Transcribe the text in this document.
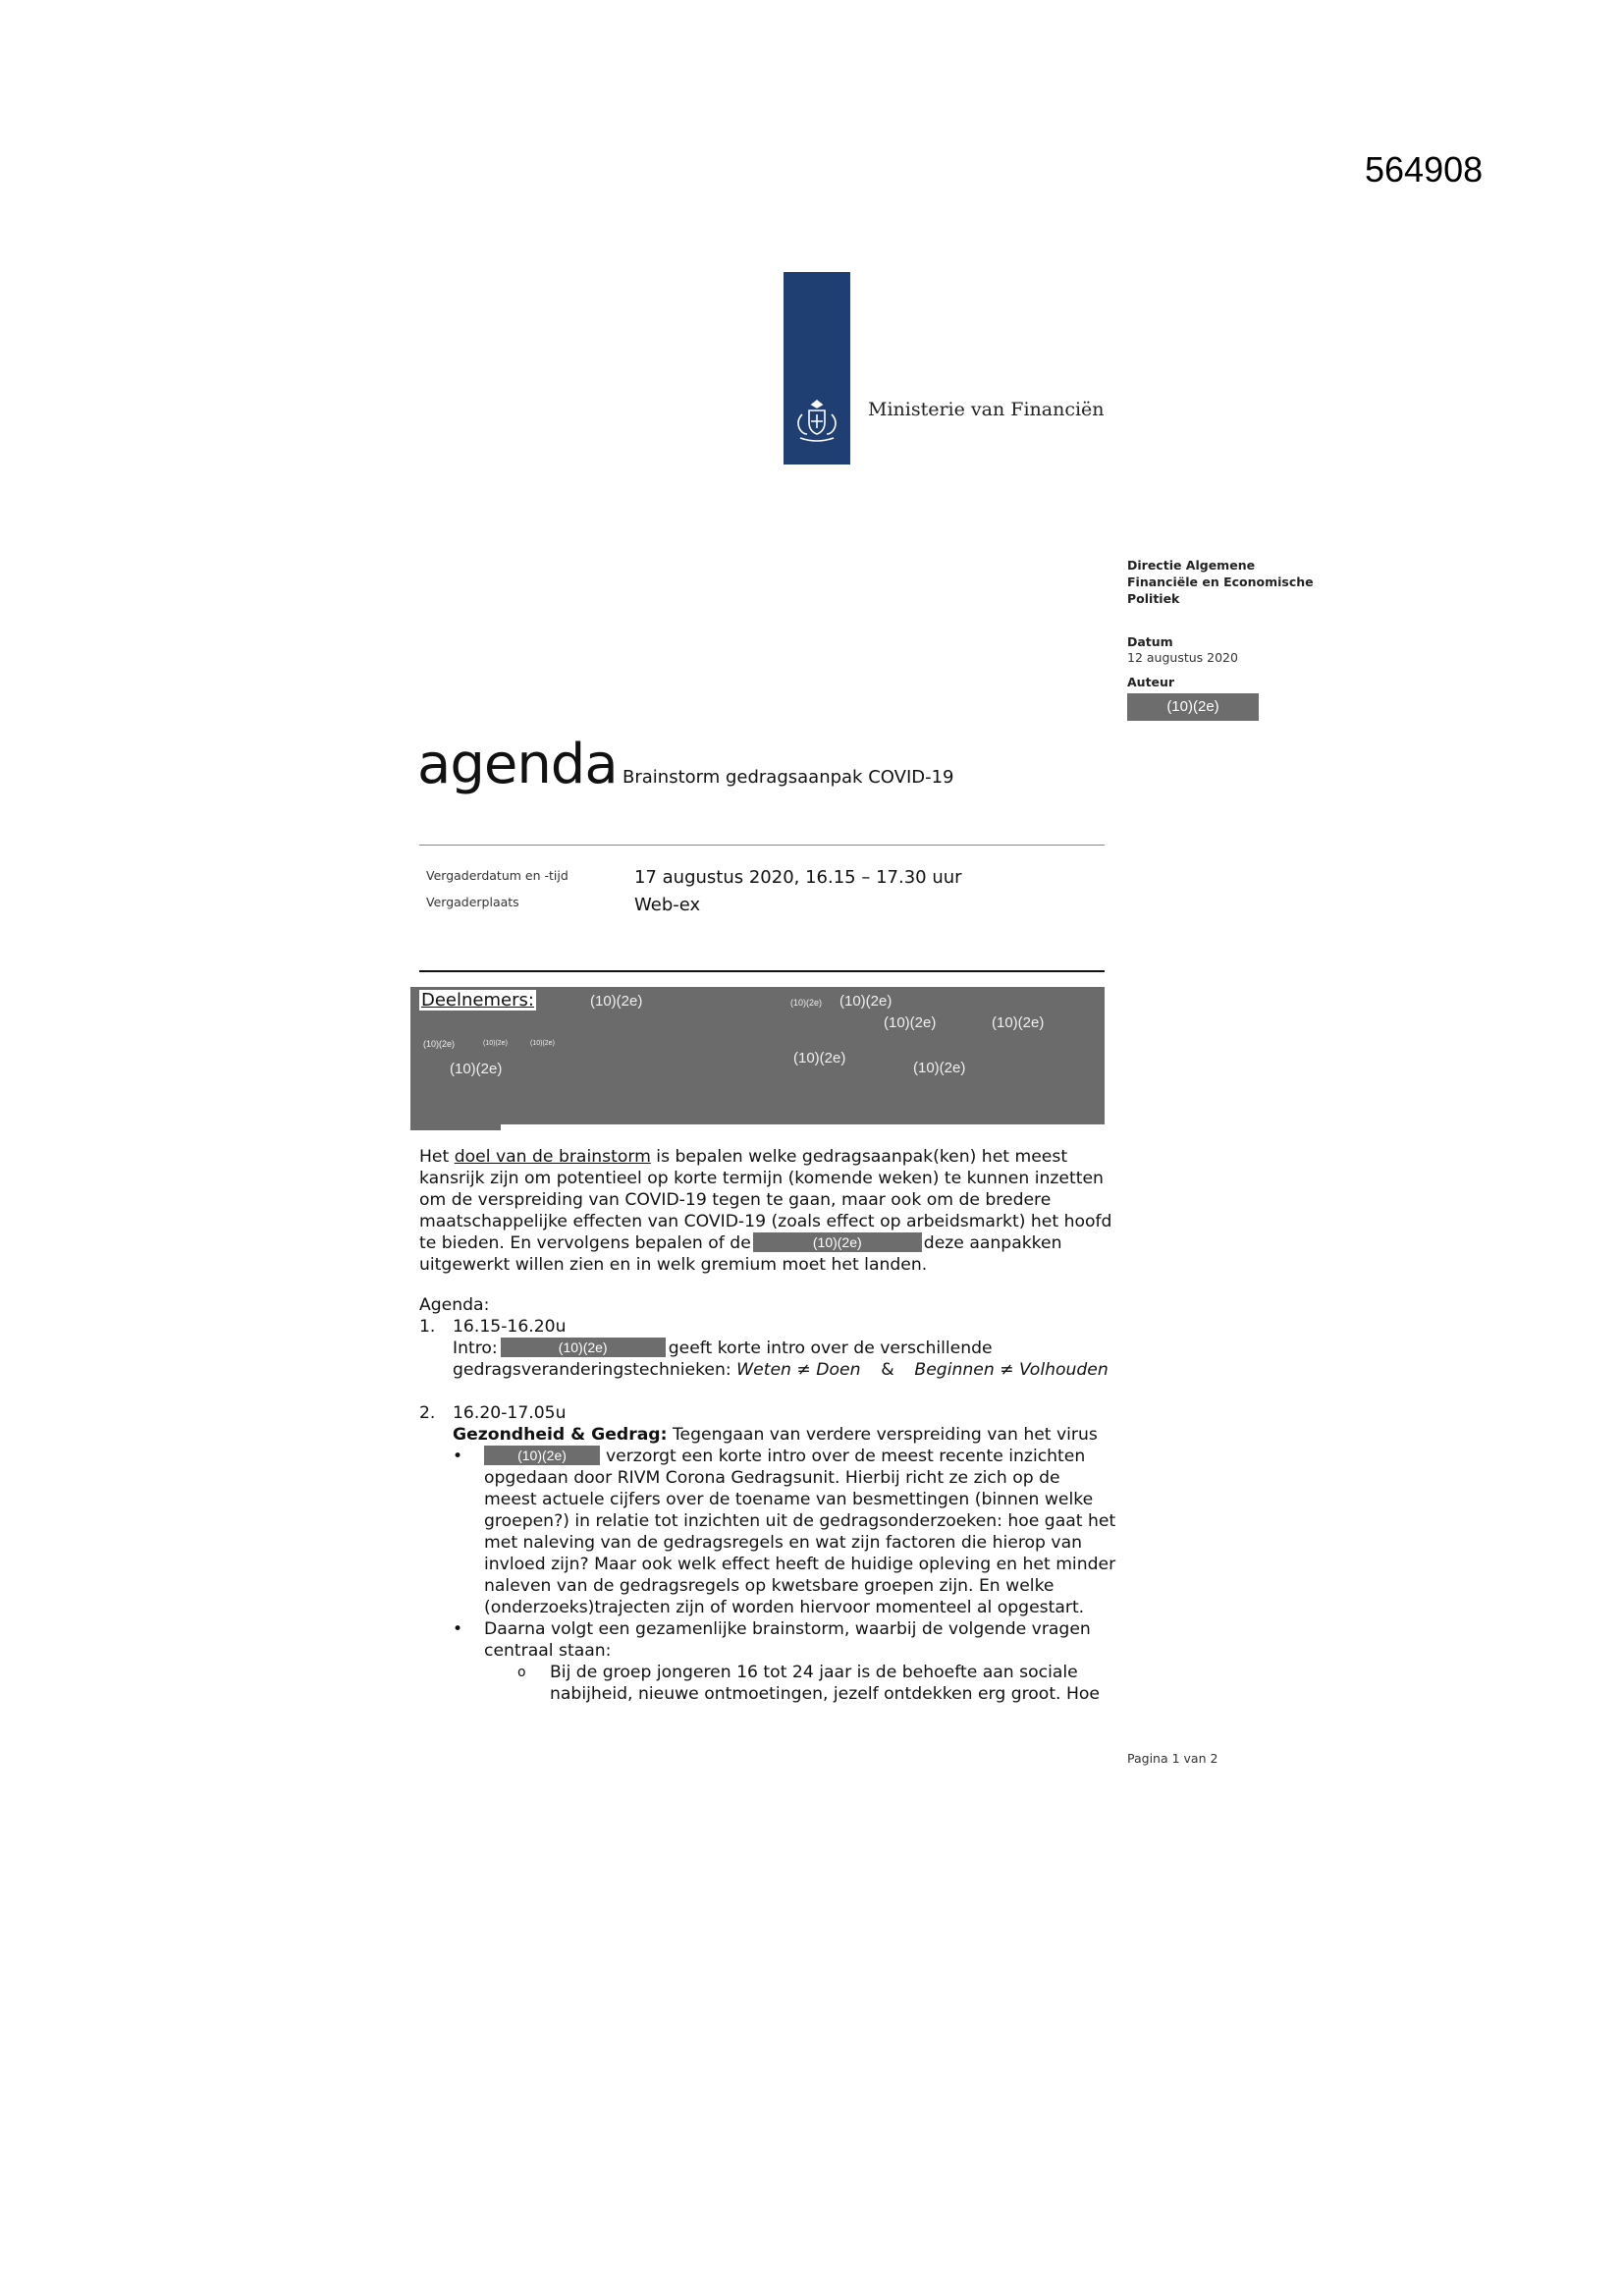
564908
Ministerie van Financiën
Directie Algemene
Financiële en Economische
Politiek
Datum
12 augustus 2020
Auteur
(10)(2e)
agenda Brainstorm gedragsaanpak COVID-19
Vergaderdatum en -tijd	17 augustus 2020, 16.15 – 17.30 uur
Vergaderplaats	Web-ex
Deelnemers:	(10)(2e)	(10)(2e) (10)(2e)
(10)(2e)	(10)(2e)
(10)(2e)	(10)(2e)	(10)(2e)
(10)(2e)
(10)(2e)
(10)(2e)
Het doel van de brainstorm is bepalen welke gedragsaanpak(ken) het meest
kansrijk zijn om potentieel op korte termijn (komende weken) te kunnen inzetten
om de verspreiding van COVID-19 tegen te gaan, maar ook om de bredere
maatschappelijke effecten van COVID-19 (zoals effect op arbeidsmarkt) het hoofd
te bieden. En vervolgens bepalen of de	(10)(2e)	deze aanpakken
uitgewerkt willen zien en in welk gremium moet het landen.
Agenda:
1. 16.15-16.20u
Intro:	(10)(2e)	geeft korte intro over de verschillende
gedragsveranderingstechnieken: Weten ≠ Doen & Beginnen ≠ Volhouden
2. 16.20-17.05u
Gezondheid & Gedrag: Tegengaan van verdere verspreiding van het virus
•	(10)(2e) verzorgt een korte intro over de meest recente inzichten
opgedaan door RIVM Corona Gedragsunit. Hierbij richt ze zich op de
meest actuele cijfers over de toename van besmettingen (binnen welke
groepen?) in relatie tot inzichten uit de gedragsonderzoeken: hoe gaat het
met naleving van de gedragsregels en wat zijn factoren die hierop van
invloed zijn? Maar ook welk effect heeft de huidige opleving en het minder
naleven van de gedragsregels op kwetsbare groepen zijn. En welke
(onderzoeks)trajecten zijn of worden hiervoor momenteel al opgestart.
• Daarna volgt een gezamenlijke brainstorm, waarbij de volgende vragen
centraal staan:
o Bij de groep jongeren 16 tot 24 jaar is de behoefte aan sociale
nabijheid, nieuwe ontmoetingen, jezelf ontdekken erg groot. Hoe
Pagina 1 van 2
